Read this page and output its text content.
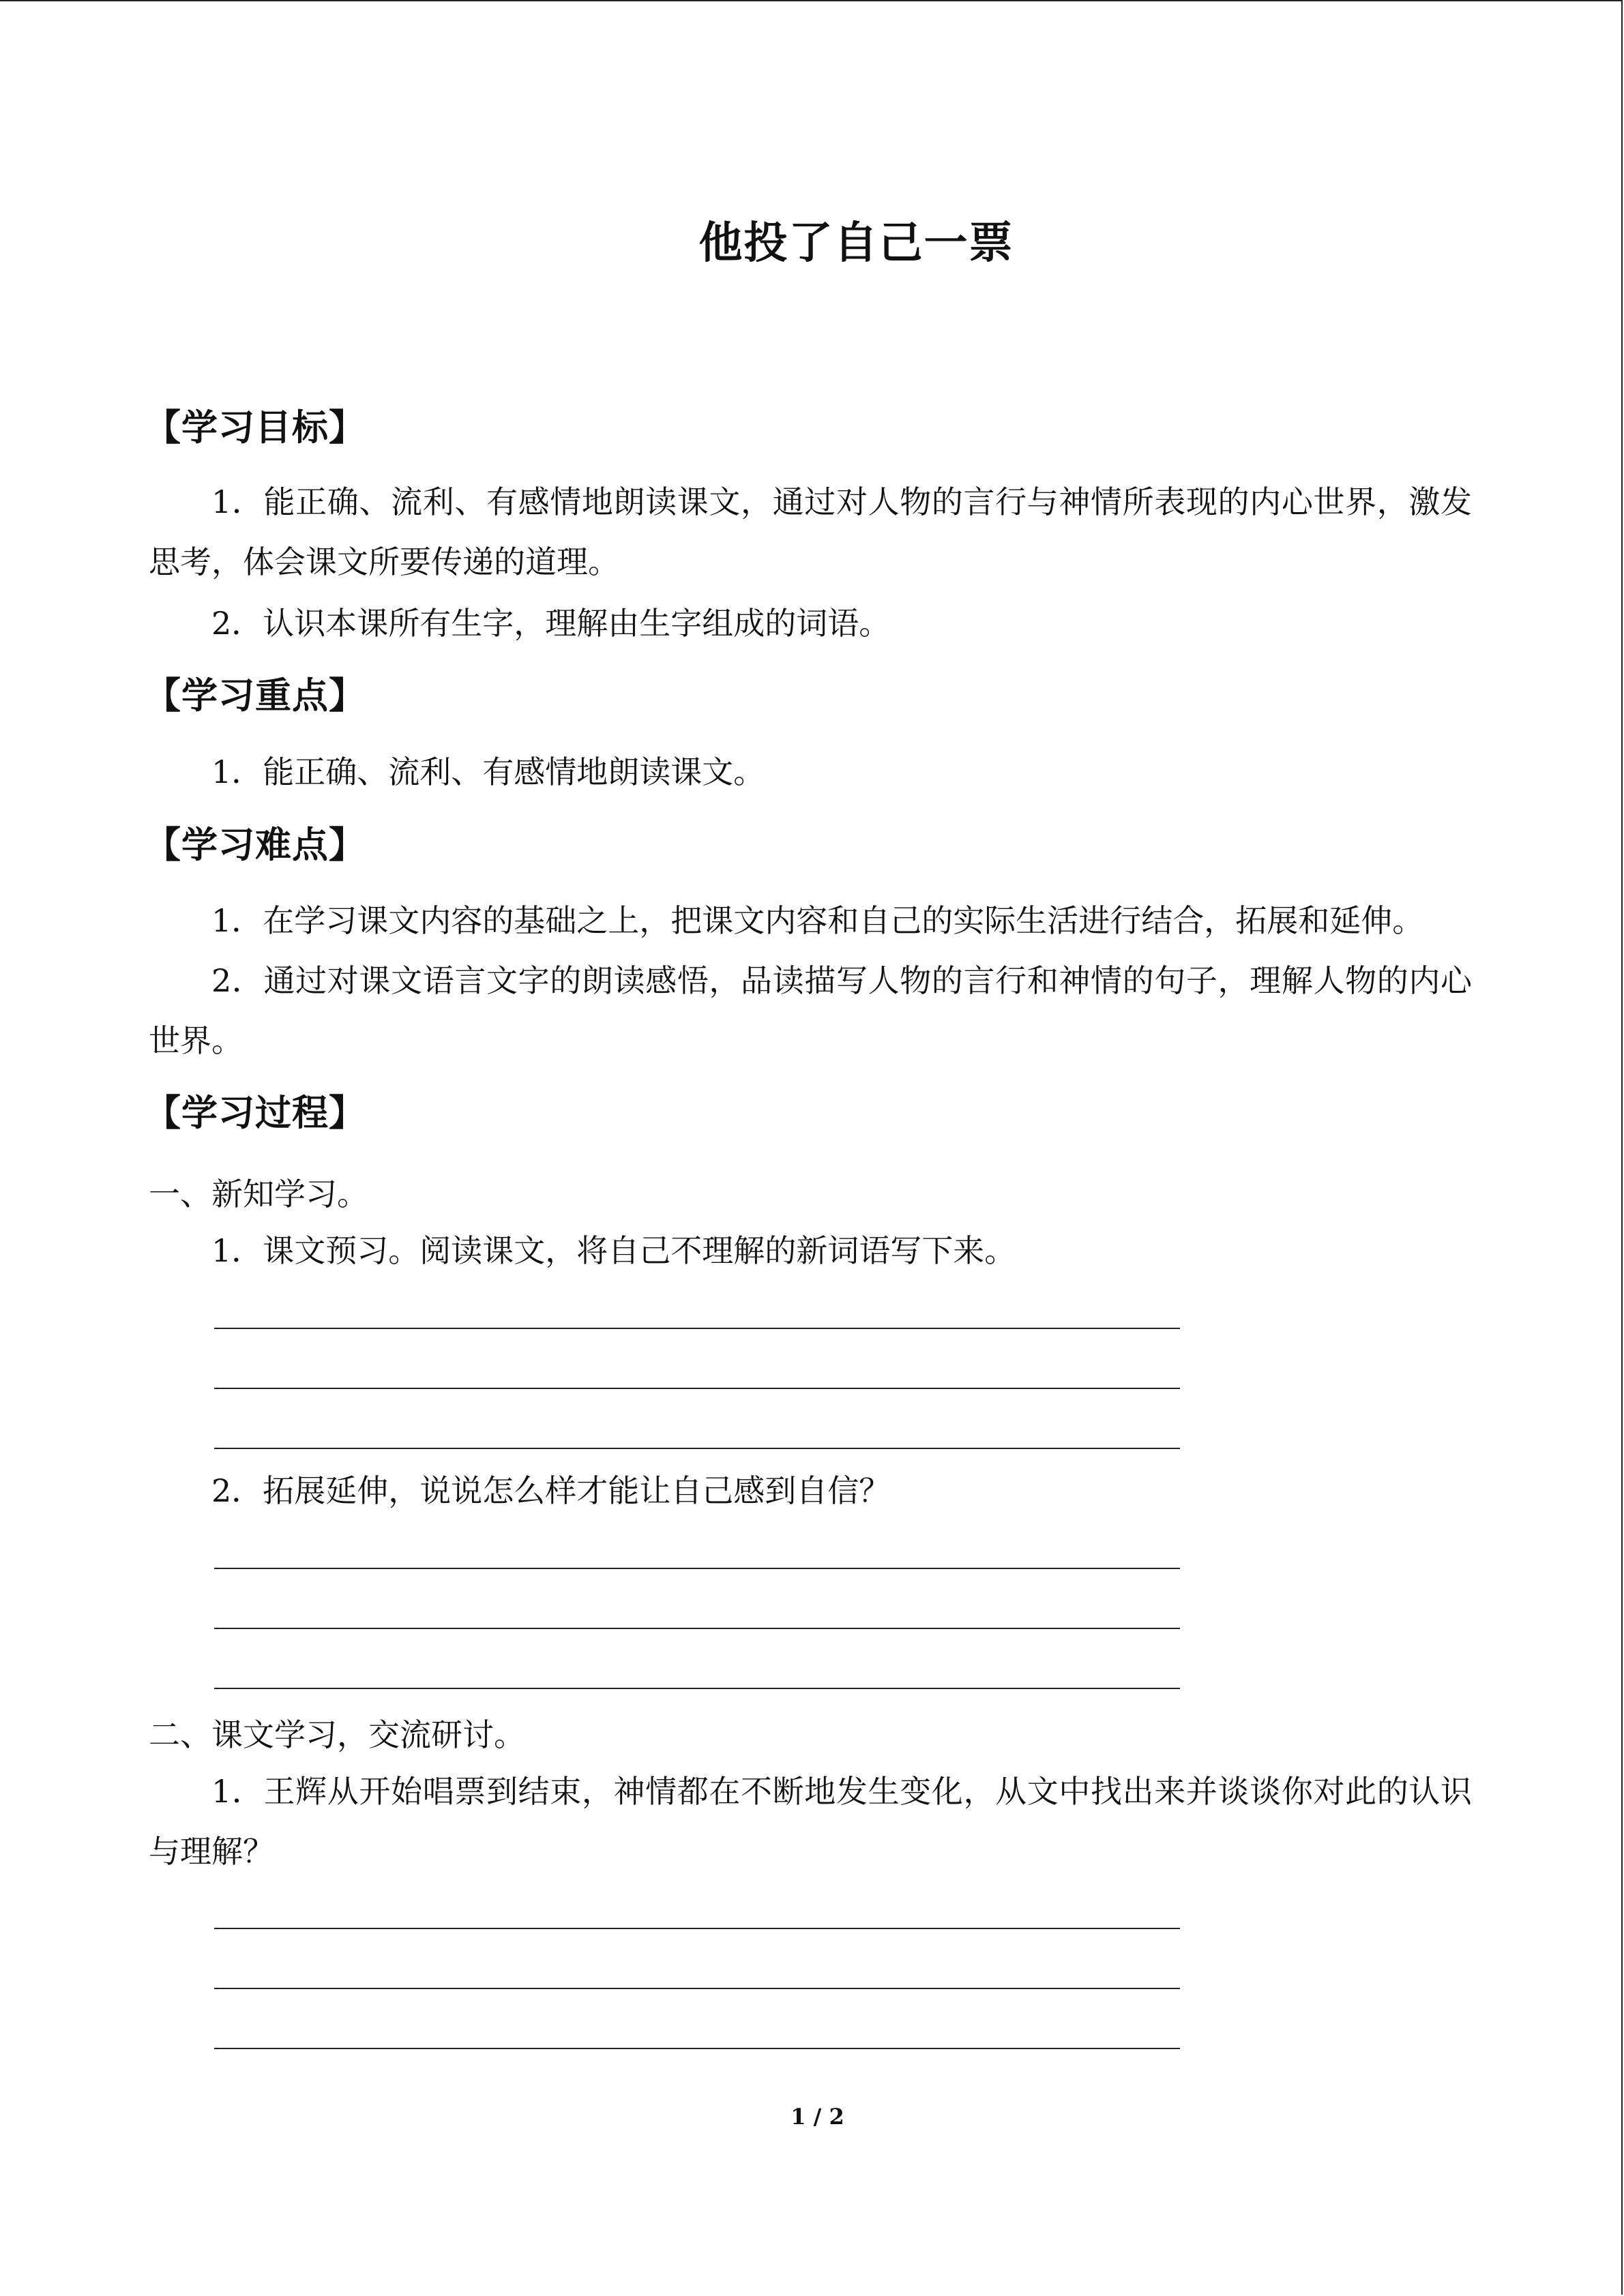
他投了自己一票
【学习目标】

1．能正确、流利、有感情地朗读课文，通过对人物的言行与神情所表现的内心世界，激发思考，体会课文所要传递的道理。

2．认识本课所有生字，理解由生字组成的词语。

【学习重点】

1．能正确、流利、有感情地朗读课文。

【学习难点】

1．在学习课文内容的基础之上，把课文内容和自己的实际生活进行结合，拓展和延伸。

2．通过对课文语言文字的朗读感悟，品读描写人物的言行和神情的句子，理解人物的内心世界。

【学习过程】

一、新知学习。

1．课文预习。阅读课文，将自己不理解的新词语写下来。

2．拓展延伸，说说怎么样才能让自己感到自信？

二、课文学习，交流研讨。

1．王辉从开始唱票到结束，神情都在不断地发生变化，从文中找出来并谈谈你对此的认识与理解？

1 / 2
